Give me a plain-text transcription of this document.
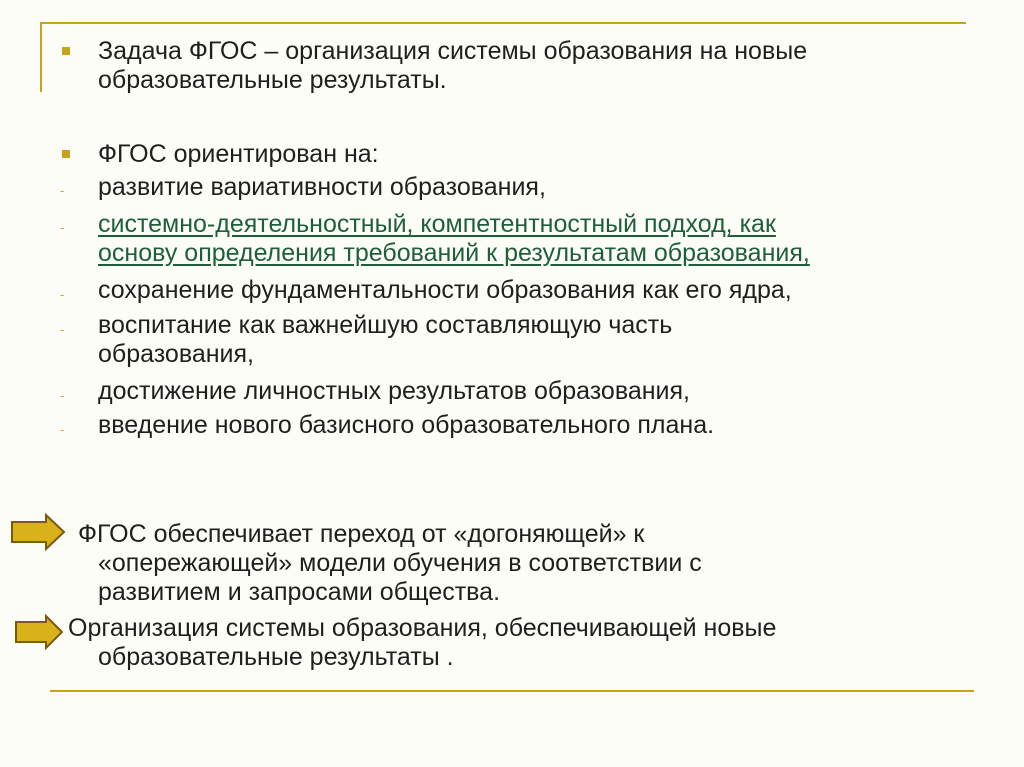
Задача ФГОС – организация системы образования на новые
образовательные результаты.
ФГОС ориентирован на:
- развитие вариативности образования,
- системно-деятельностный, компетентностный подход, как
основу определения требований к результатам образования,
- сохранение фундаментальности образования как его ядра,
- воспитание как важнейшую составляющую часть
образования,
- достижение личностных результатов образования,
- введение нового базисного образовательного плана.
ФГОС обеспечивает переход от «догоняющей» к
«опережающей» модели обучения в соответствии с
развитием и запросами общества.
Организация системы образования, обеспечивающей новые
образовательные результаты .
